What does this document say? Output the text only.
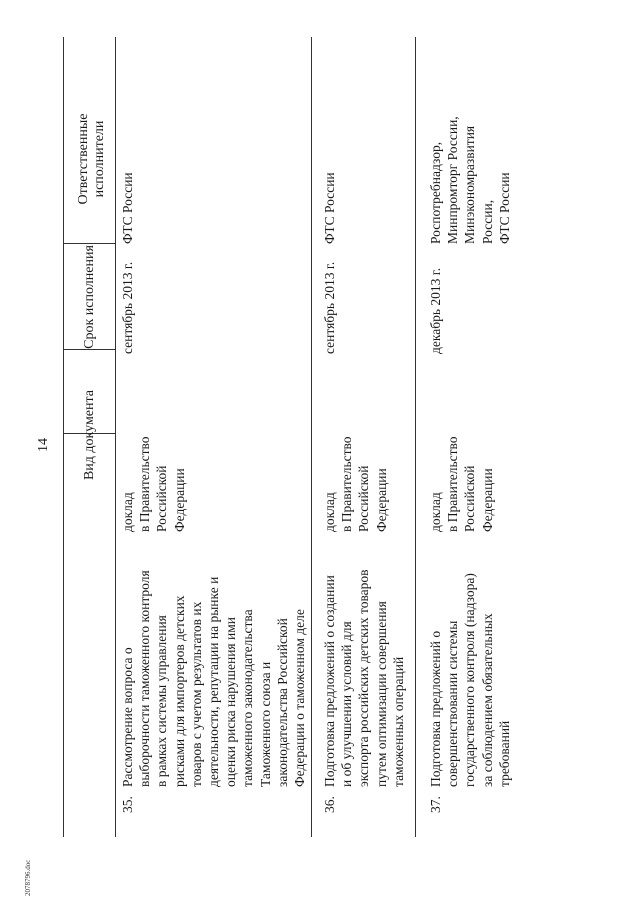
14 Вид документа
Срок исполнения
Ответственные исполнители
35.
Рассмотрение вопроса о выборочности таможенного контроля в рамках системы управления рисками для импортеров детских товаров с учетом результатов их деятельности, репутации на рынке и оценки риска нарушения ими таможенного законодательства Таможенного союза и законодательства Российской Федерации о таможенном деле
доклад в Правительство Российской Федерации
сентябрь 2013 г.
ФТС России
36.
Подготовка предложений о создании и об улучшении условий для экспорта российских детских товаров путем оптимизации совершения таможенных операций
доклад в Правительство Российской Федерации
сентябрь 2013 г.
ФТС России
37.
Подготовка предложений о совершенствовании системы государственного контроля (надзора) за соблюдением обязательных требований
доклад в Правительство Российской Федерации
декабрь 2013 г.
Роспотребнадзор, Минпромторг России, Минэкономразвития России, ФТС России
2078796.doc
